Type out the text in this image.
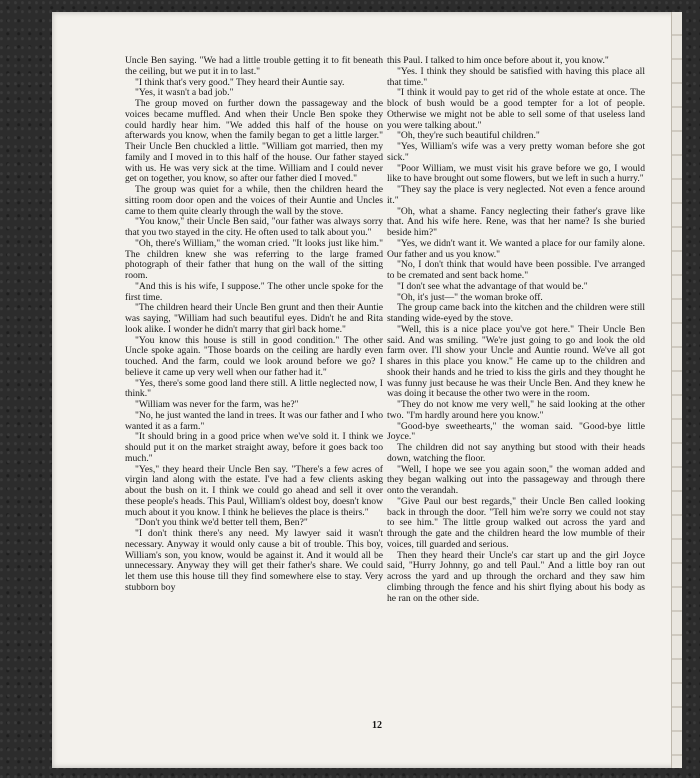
Uncle Ben saying. "We had a little trouble getting it to fit beneath the ceiling, but we put it in to last."

"I think that's very good." They heard their Auntie say.

"Yes, it wasn't a bad job."

The group moved on further down the passageway and the voices became muffled. And when their Uncle Ben spoke they could hardly hear him. "We added this half of the house on afterwards you know, when the family began to get a little larger." Their Uncle Ben chuckled a little. "William got married, then my family and I moved in to this half of the house. Our father stayed with us. He was very sick at the time. William and I could never get on together, you know, so after our father died I moved."

The group was quiet for a while, then the children heard the sitting room door open and the voices of their Auntie and Uncles came to them quite clearly through the wall by the stove.

"You know," their Uncle Ben said, "our father was always sorry that you two stayed in the city. He often used to talk about you."

"Oh, there's William," the woman cried. "It looks just like him." The children knew she was referring to the large framed photograph of their father that hung on the wall of the sitting room.

"And this is his wife, I suppose." The other uncle spoke for the first time.

"The children heard their Uncle Ben grunt and then their Auntie was saying, "William had such beautiful eyes. Didn't he and Rita look alike. I wonder he didn't marry that girl back home."

"You know this house is still in good condition." The other Uncle spoke again. "Those boards on the ceiling are hardly even touched. And the farm, could we look around before we go? I believe it came up very well when our father had it."

"Yes, there's some good land there still. A little neglected now, I think."

"William was never for the farm, was he?"

"No, he just wanted the land in trees. It was our father and I who wanted it as a farm."

"It should bring in a good price when we've sold it. I think we should put it on the market straight away, before it goes back too much."

"Yes," they heard their Uncle Ben say. "There's a few acres of virgin land along with the estate. I've had a few clients asking about the bush on it. I think we could go ahead and sell it over these people's heads. This Paul, William's oldest boy, doesn't know much about it you know. I think he believes the place is theirs."

"Don't you think we'd better tell them, Ben?"

"I don't think there's any need. My lawyer said it wasn't necessary. Anyway it would only cause a bit of trouble. This boy, William's son, you know, would be against it. And it would all be unnecessary. Anyway they will get their father's share. We could let them use this house till they find somewhere else to stay. Very stubborn boy

this Paul. I talked to him once before about it, you know."

"Yes. I think they should be satisfied with having this place all that time."

"I think it would pay to get rid of the whole estate at once. The block of bush would be a good tempter for a lot of people. Otherwise we might not be able to sell some of that useless land you were talking about."

"Oh, they're such beautiful children."

"Yes, William's wife was a very pretty woman before she got sick."

"Poor William, we must visit his grave before we go, I would like to have brought out some flowers, but we left in such a hurry."

"They say the place is very neglected. Not even a fence around it."

"Oh, what a shame. Fancy neglecting their father's grave like that. And his wife here. Rene, was that her name? Is she buried beside him?"

"Yes, we didn't want it. We wanted a place for our family alone. Our father and us you know."

"No, I don't think that would have been possible. I've arranged to be cremated and sent back home."

"I don't see what the advantage of that would be."

"Oh, it's just—" the woman broke off.

The group came back into the kitchen and the children were still standing wide-eyed by the stove.

"Well, this is a nice place you've got here." Their Uncle Ben said. And was smiling. "We're just going to go and look the old farm over. I'll show your Uncle and Auntie round. We've all got shares in this place you know." He came up to the children and shook their hands and he tried to kiss the girls and they thought he was funny just because he was their Uncle Ben. And they knew he was doing it because the other two were in the room.

"They do not know me very well," he said looking at the other two. "I'm hardly around here you know."

"Good-bye sweethearts," the woman said. "Good-bye little Joyce."

The children did not say anything but stood with their heads down, watching the floor.

"Well, I hope we see you again soon," the woman added and they began walking out into the passageway and through there onto the verandah.

"Give Paul our best regards," their Uncle Ben called looking back in through the door. "Tell him we're sorry we could not stay to see him." The little group walked out across the yard and through the gate and the children heard the low mumble of their voices, till guarded and serious.

Then they heard their Uncle's car start up and the girl Joyce said, "Hurry Johnny, go and tell Paul." And a little boy ran out across the yard and up through the orchard and they saw him climbing through the fence and his shirt flying about his body as he ran on the other side.

12
